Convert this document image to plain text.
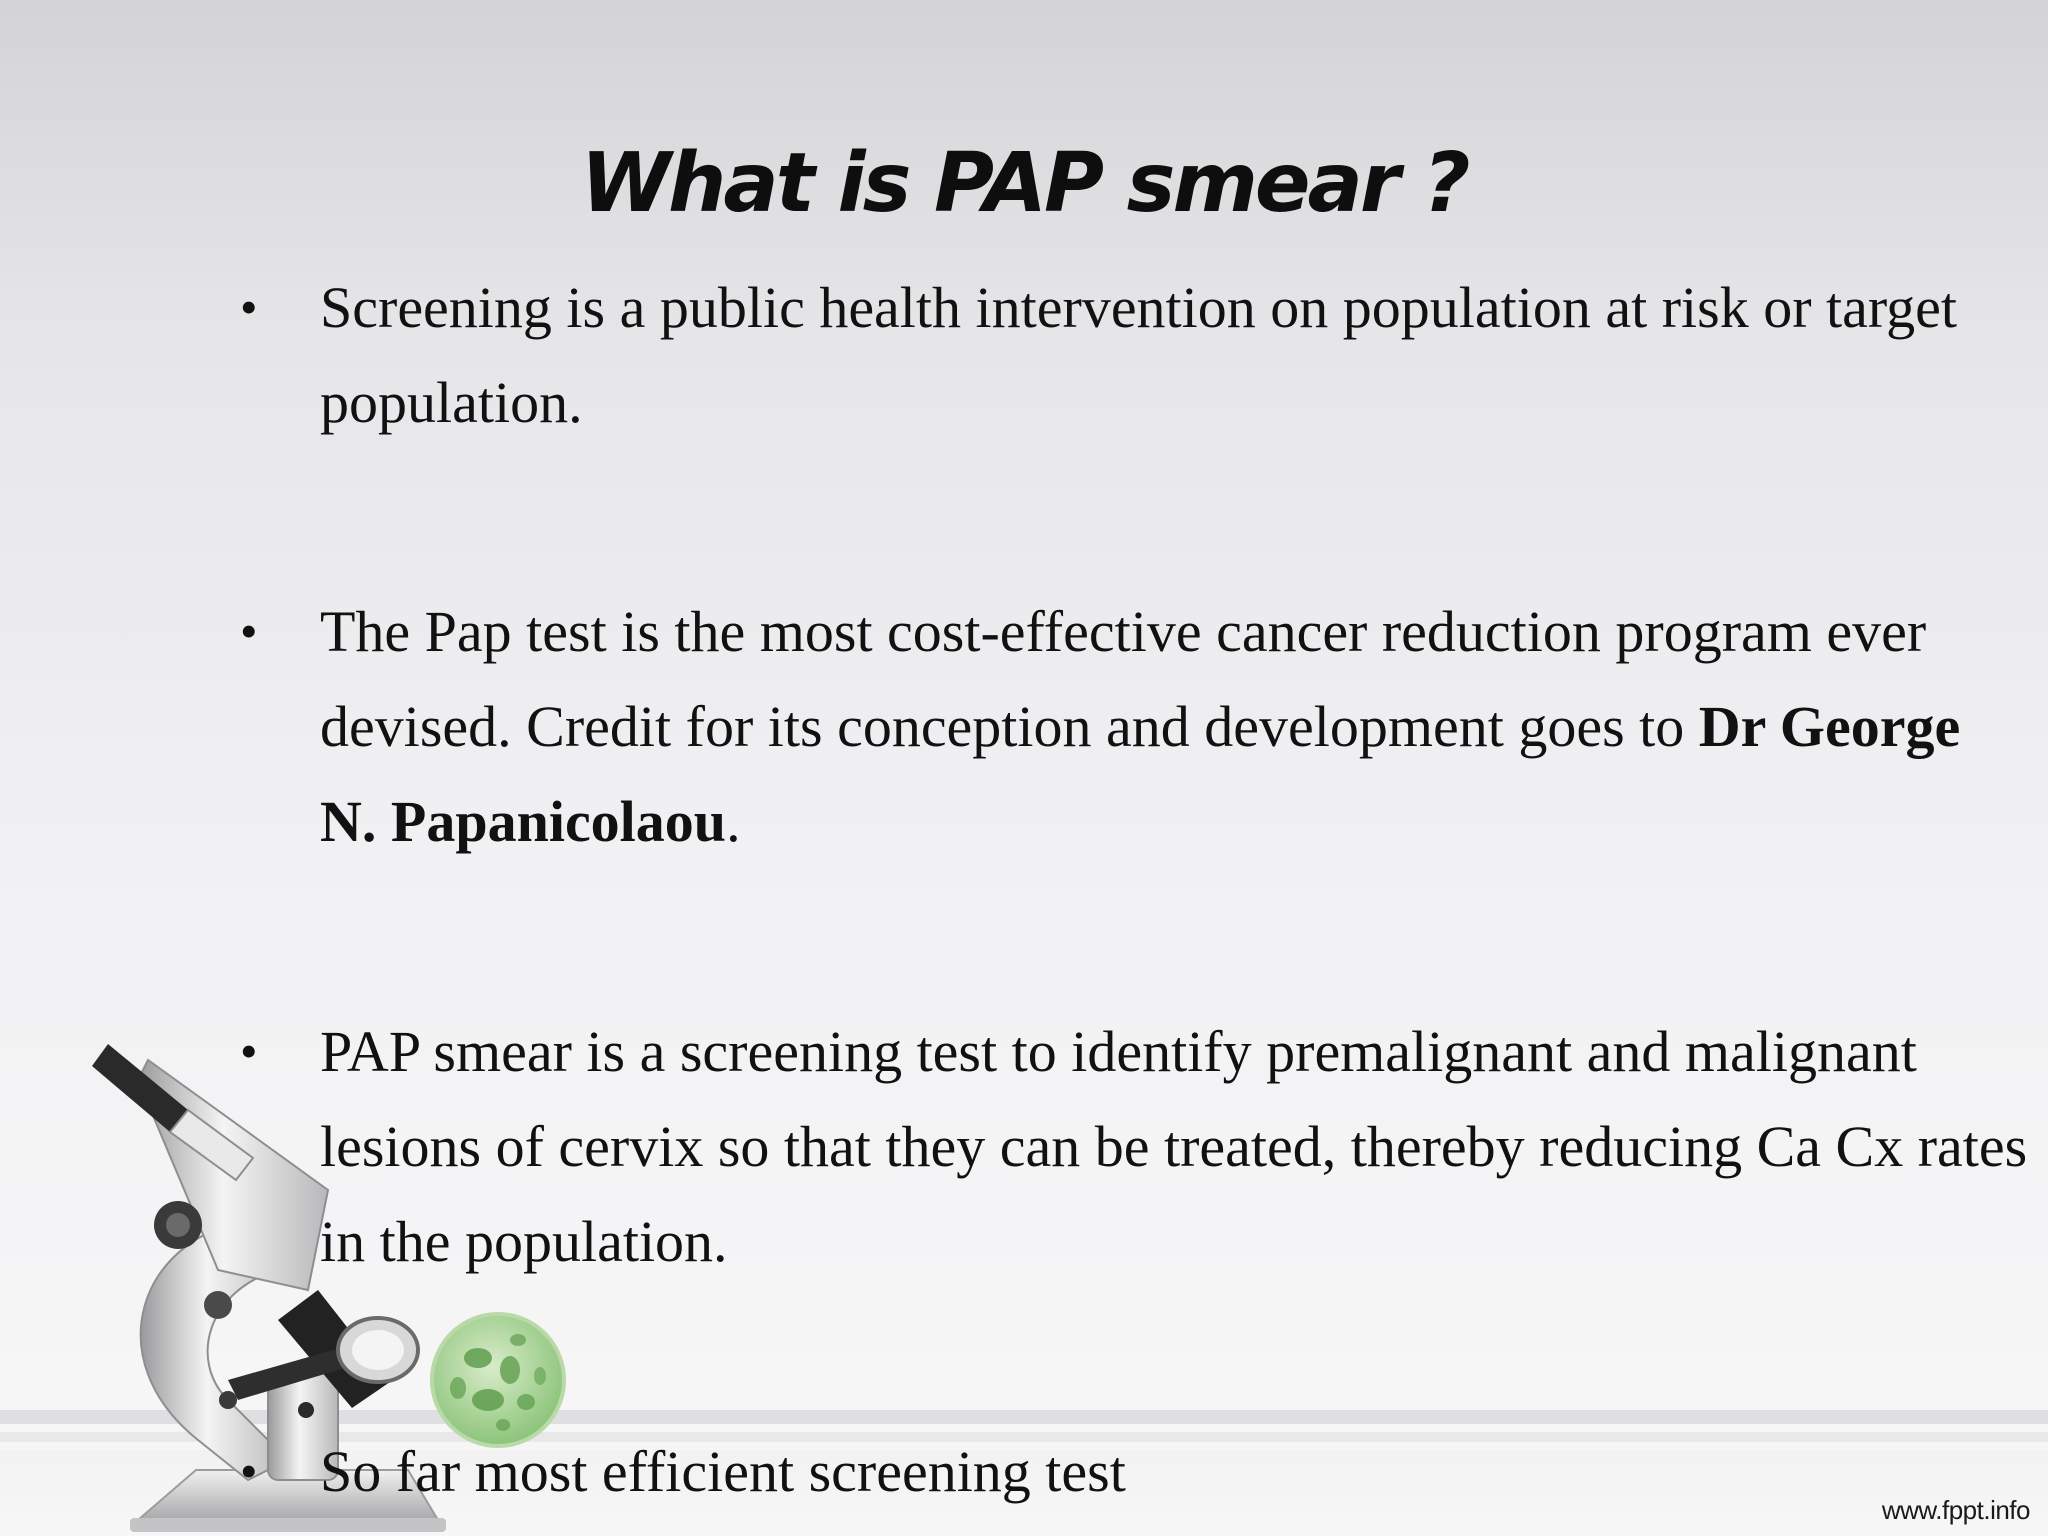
What is PAP smear ?
•	Screening is a public health intervention on population at risk or target population.
•	The Pap test is the most cost-effective cancer reduction program ever devised. Credit for its conception and development goes to Dr George N. Papanicolaou.
•	PAP smear is a screening test to identify premalignant and malignant lesions of cervix so that they can be treated, thereby reducing Ca Cx rates in the population.
•	So far most efficient screening test
www.fppt.info
